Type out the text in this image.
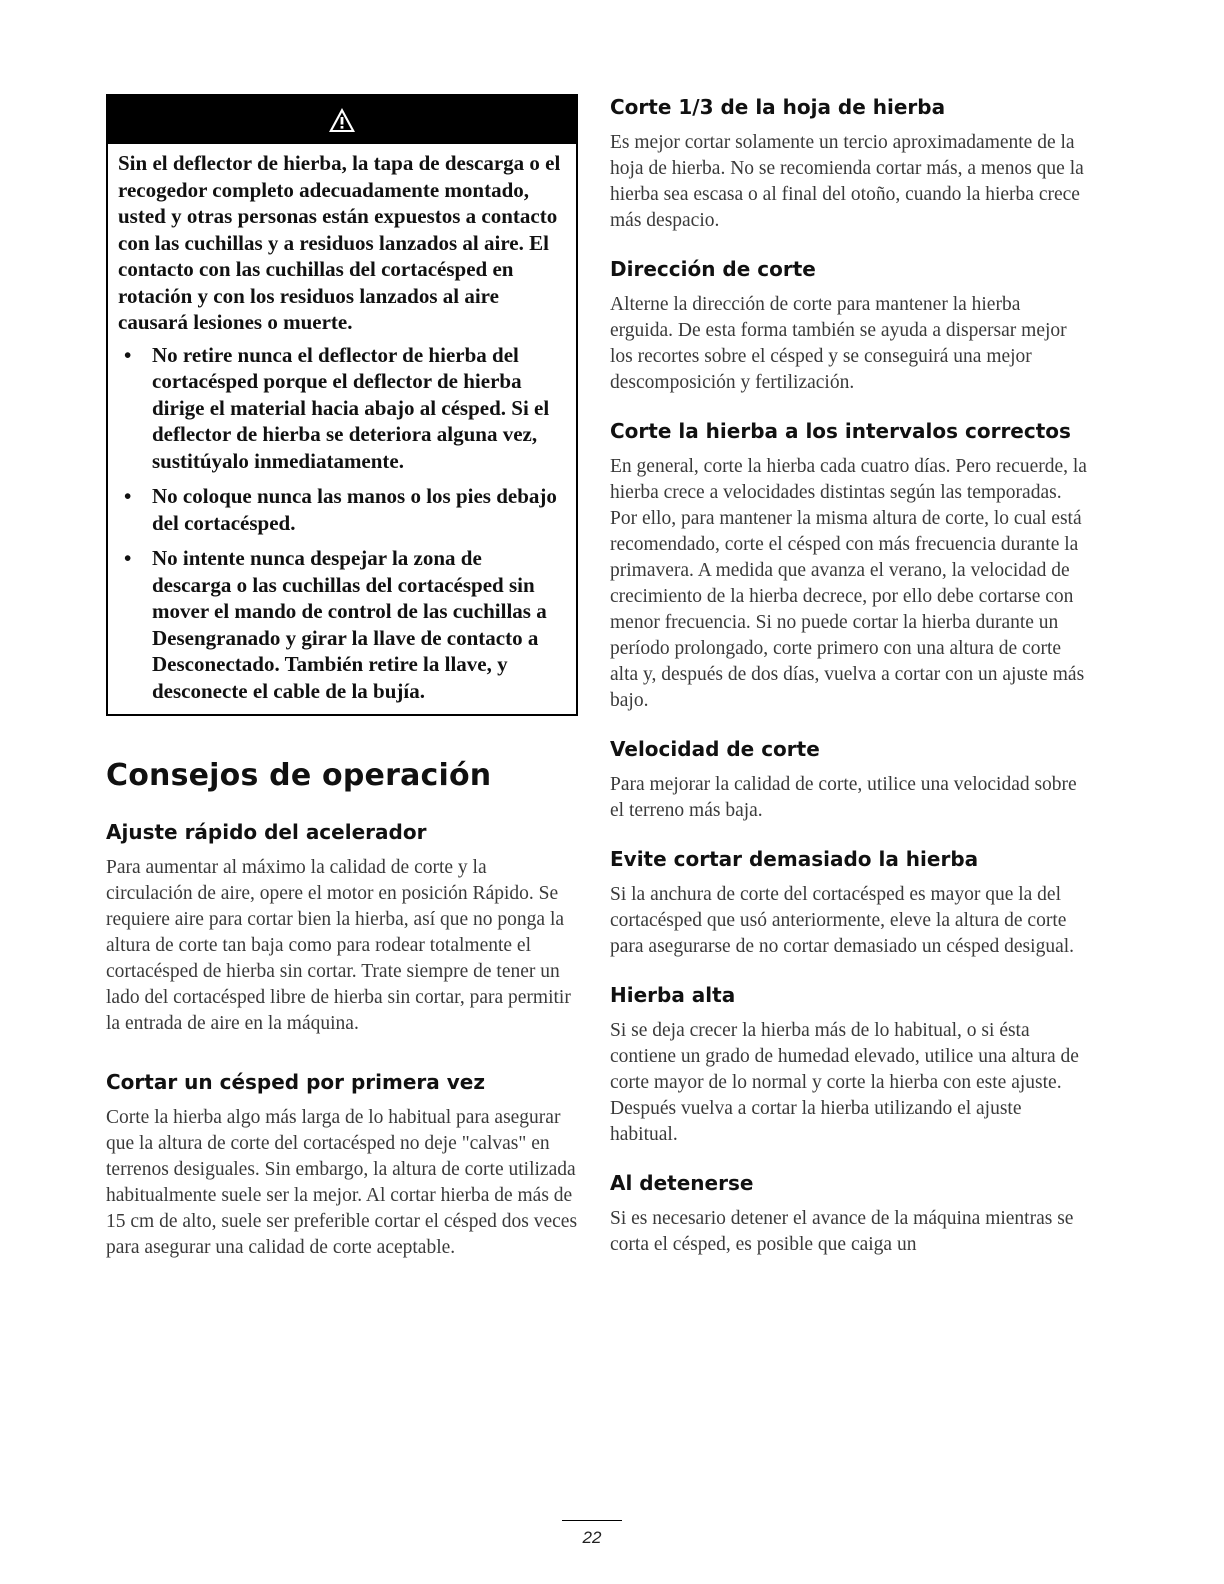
Sin el deflector de hierba, la tapa de descarga o el recogedor completo adecuadamente montado, usted y otras personas están expuestos a contacto con las cuchillas y a residuos lanzados al aire. El contacto con las cuchillas del cortacésped en rotación y con los residuos lanzados al aire causará lesiones o muerte.

• No retire nunca el deflector de hierba del cortacésped porque el deflector de hierba dirige el material hacia abajo al césped. Si el deflector de hierba se deteriora alguna vez, sustitúyalo inmediatamente.
• No coloque nunca las manos o los pies debajo del cortacésped.
• No intente nunca despejar la zona de descarga o las cuchillas del cortacésped sin mover el mando de control de las cuchillas a Desengranado y girar la llave de contacto a Desconectado. También retire la llave, y desconecte el cable de la bujía.
Consejos de operación
Ajuste rápido del acelerador

Para aumentar al máximo la calidad de corte y la circulación de aire, opere el motor en posición Rápido. Se requiere aire para cortar bien la hierba, así que no ponga la altura de corte tan baja como para rodear totalmente el cortacésped de hierba sin cortar. Trate siempre de tener un lado del cortacésped libre de hierba sin cortar, para permitir la entrada de aire en la máquina.

Cortar un césped por primera vez

Corte la hierba algo más larga de lo habitual para asegurar que la altura de corte del cortacésped no deje "calvas" en terrenos desiguales. Sin embargo, la altura de corte utilizada habitualmente suele ser la mejor. Al cortar hierba de más de 15 cm de alto, suele ser preferible cortar el césped dos veces para asegurar una calidad de corte aceptable.

Corte 1/3 de la hoja de hierba

Es mejor cortar solamente un tercio aproximadamente de la hoja de hierba. No se recomienda cortar más, a menos que la hierba sea escasa o al final del otoño, cuando la hierba crece más despacio.

Dirección de corte

Alterne la dirección de corte para mantener la hierba erguida. De esta forma también se ayuda a dispersar mejor los recortes sobre el césped y se conseguirá una mejor descomposición y fertilización.

Corte la hierba a los intervalos correctos

En general, corte la hierba cada cuatro días. Pero recuerde, la hierba crece a velocidades distintas según las temporadas. Por ello, para mantener la misma altura de corte, lo cual está recomendado, corte el césped con más frecuencia durante la primavera. A medida que avanza el verano, la velocidad de crecimiento de la hierba decrece, por ello debe cortarse con menor frecuencia. Si no puede cortar la hierba durante un período prolongado, corte primero con una altura de corte alta y, después de dos días, vuelva a cortar con un ajuste más bajo.

Velocidad de corte

Para mejorar la calidad de corte, utilice una velocidad sobre el terreno más baja.

Evite cortar demasiado la hierba

Si la anchura de corte del cortacésped es mayor que la del cortacésped que usó anteriormente, eleve la altura de corte para asegurarse de no cortar demasiado un césped desigual.

Hierba alta

Si se deja crecer la hierba más de lo habitual, o si ésta contiene un grado de humedad elevado, utilice una altura de corte mayor de lo normal y corte la hierba con este ajuste. Después vuelva a cortar la hierba utilizando el ajuste habitual.

Al detenerse

Si es necesario detener el avance de la máquina mientras se corta el césped, es posible que caiga un

22
